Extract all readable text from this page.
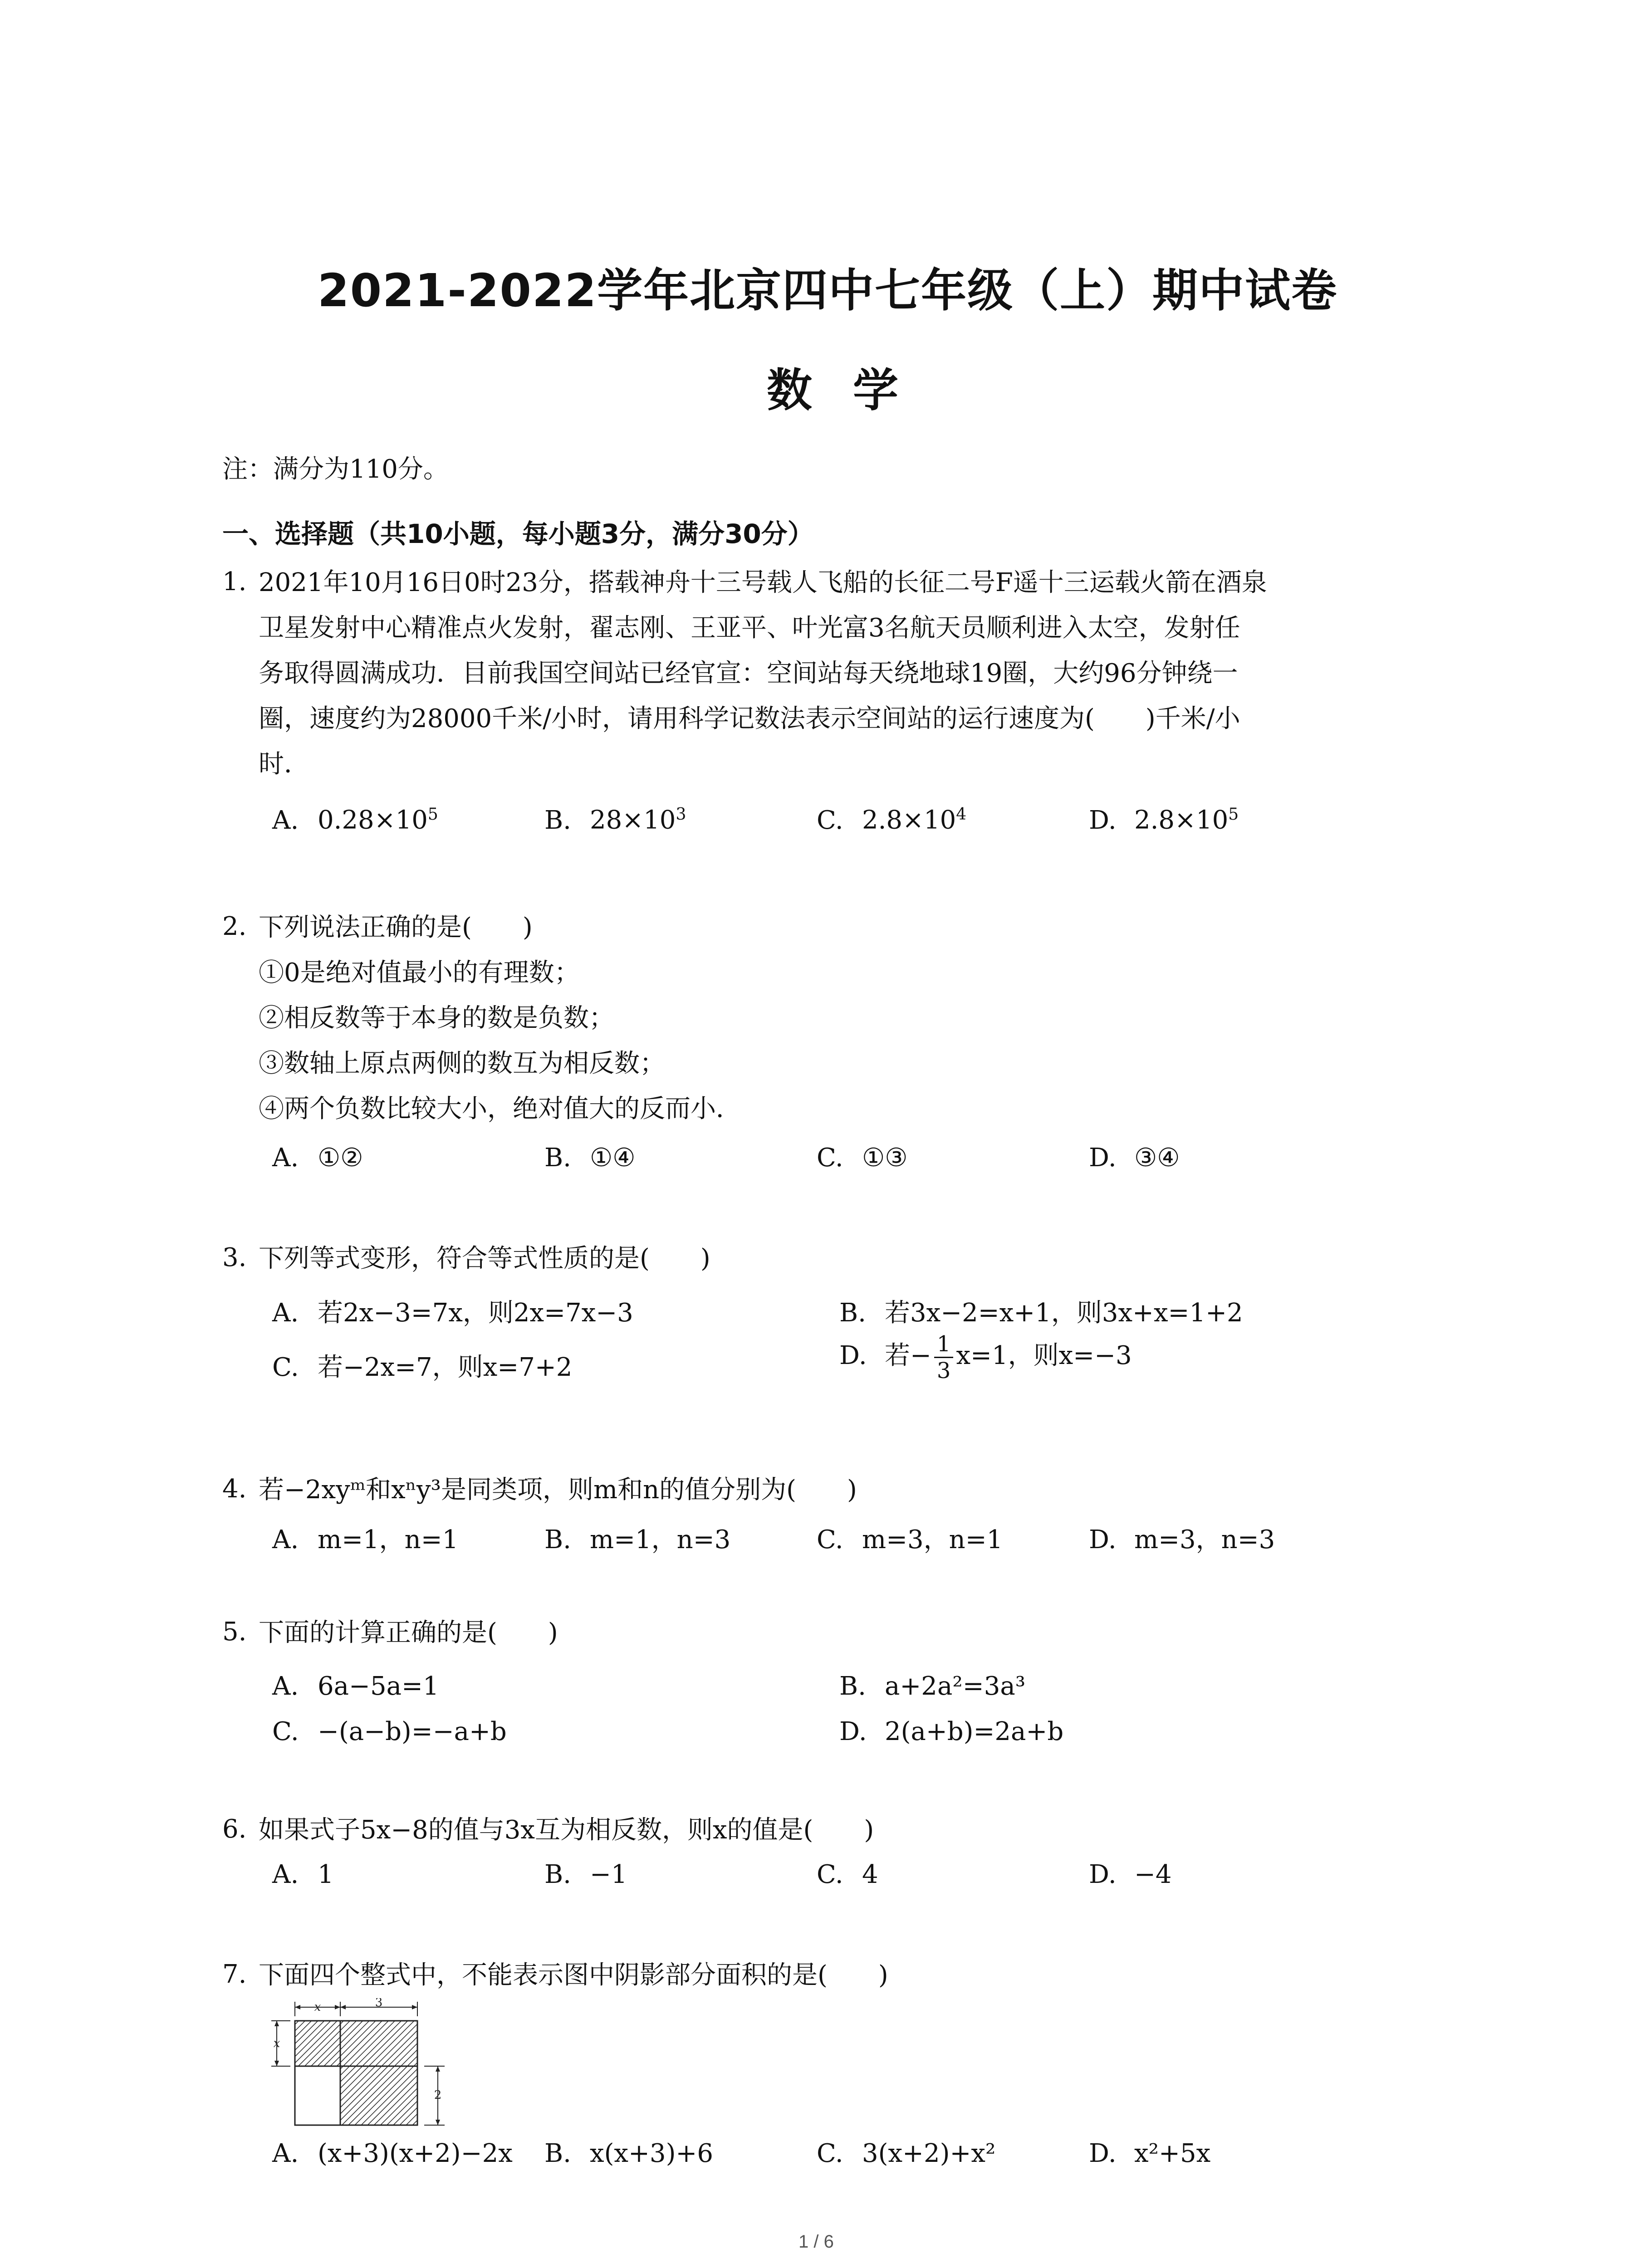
2021-2022学年北京四中七年级（上）期中试卷
数学
注：满分为110分。
一、选择题（共10小题，每小题3分，满分30分）
1. 2021年10月16日0时23分，搭载神舟十三号载人飞船的长征二号F遥十三运载火箭在酒泉
卫星发射中心精准点火发射，翟志刚、王亚平、叶光富3名航天员顺利进入太空，发射任
务取得圆满成功．目前我国空间站已经官宣：空间站每天绕地球19圈，大约96分钟绕一
圈，速度约为28000千米/小时，请用科学记数法表示空间站的运行速度为(　　)千米/小
时．
A. $0.28\times 10^5$	B. $28\times 10^3$	C. $2.8\times 10^4$	D. $2.8\times 10^5$
2. 下列说法正确的是(　　)
①0是绝对值最小的有理数；
②相反数等于本身的数是负数；
③数轴上原点两侧的数互为相反数；
④两个负数比较大小，绝对值大的反而小．
A. ①②	B. ①④	C. ①③	D. ③④
3. 下列等式变形，符合等式性质的是(　　)
A. 若2x−3=7x，则2x=7x−3	B. 若3x−2=x+1，则3x+x=1+2
C. 若−2x=7，则x=7+2	D. 若− $\frac{1}{3} x=1$，则x=−3
4. 若−2xyᵐ和xⁿy³是同类项，则m和n的值分别为(　　)
A. m=1，n=1	B. m=1，n=3	C. m=3，n=1	D. m=3，n=3
5. 下面的计算正确的是(　　)
A. 6a−5a=1	B. a+2a²=3a³
C. −(a−b)=−a+b	D. 2(a+b)=2a+b
6. 如果式子5x−8的值与3x互为相反数，则x的值是(　　)
A. 1	B. −1	C. 4	D. −4
7. 下面四个整式中，不能表示图中阴影部分面积的是(　　)
x	3
x
2
A. (x+3)(x+2)−2x B. x(x+3)+6	C. 3(x+2)+x²	D. x²+5x
1 / 6
